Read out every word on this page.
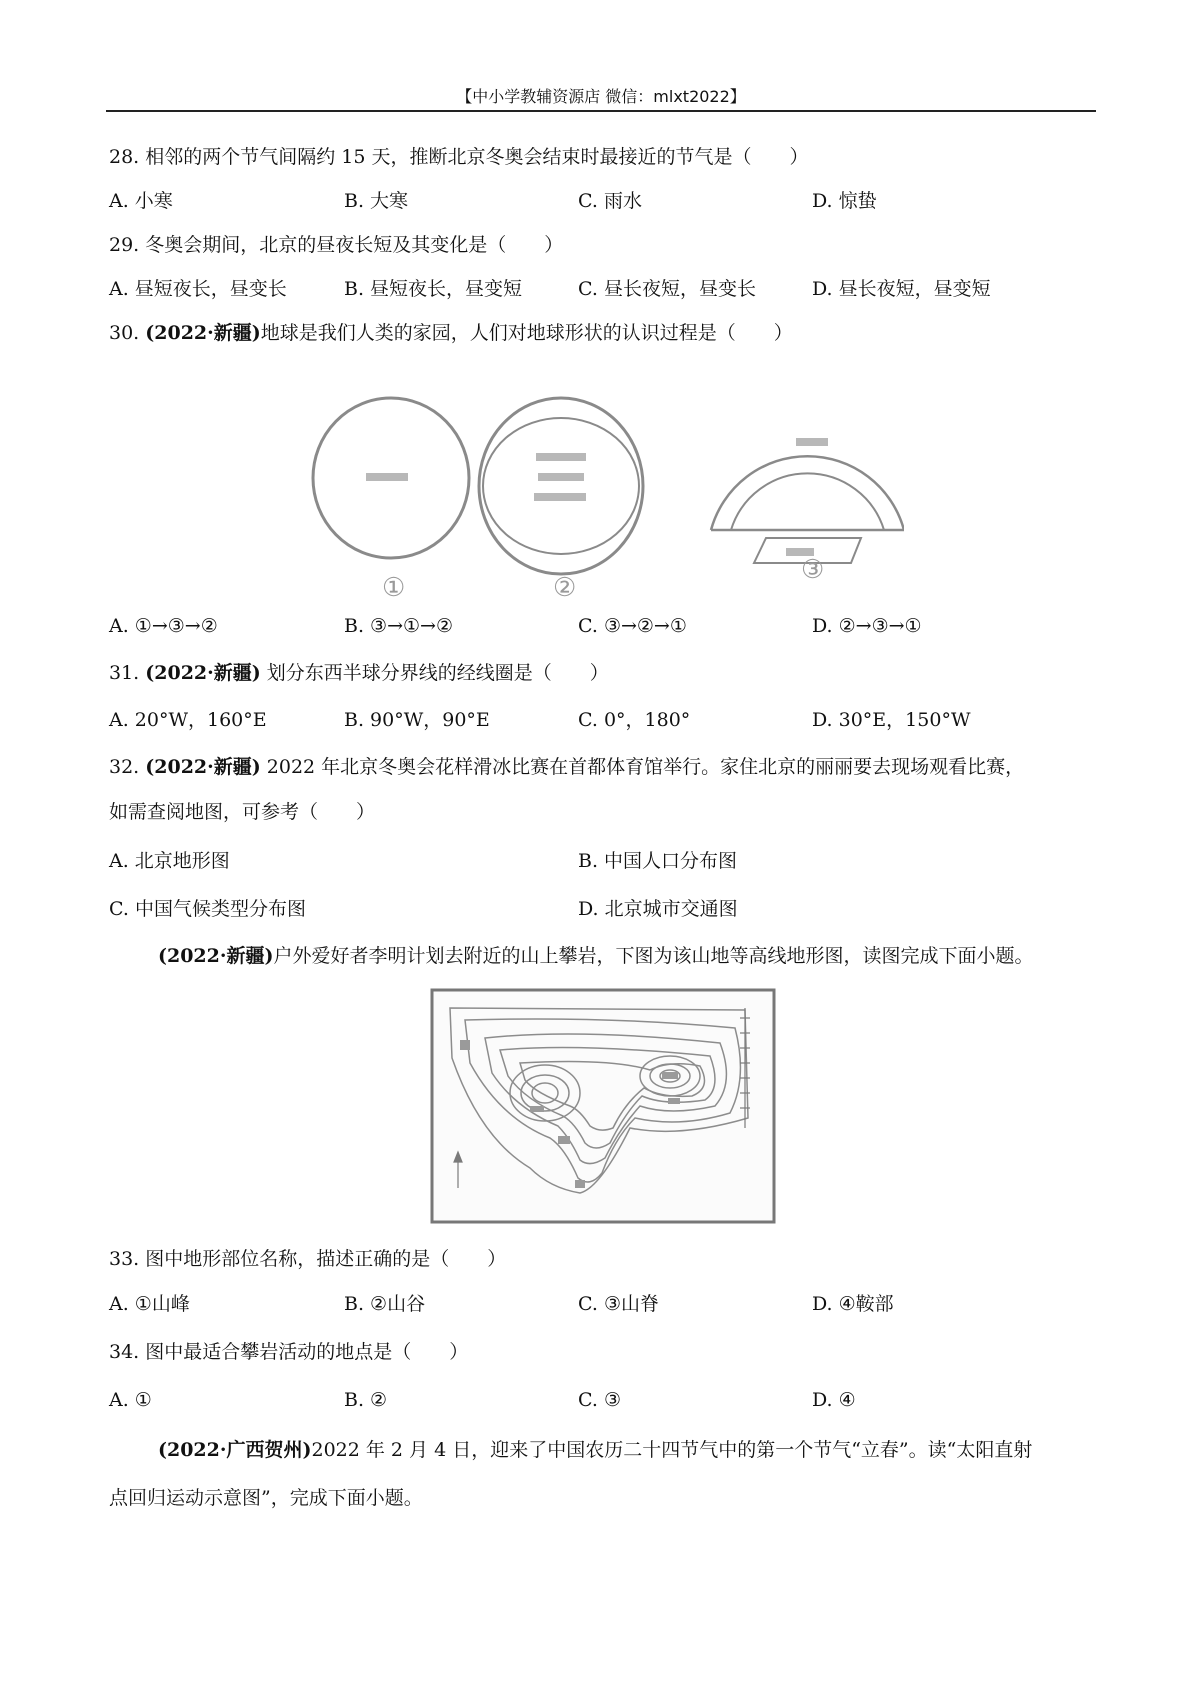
【中小学教辅资源店 微信：mlxt2022】
28. 相邻的两个节气间隔约 15 天，推断北京冬奥会结束时最接近的节气是（　　）
A. 小寒	B. 大寒	C. 雨水	D. 惊蛰
29. 冬奥会期间，北京的昼夜长短及其变化是（　　）
A. 昼短夜长，昼变长	B. 昼短夜长，昼变短	C. 昼长夜短，昼变长	D. 昼长夜短，昼变短
30. (2022·新疆)地球是我们人类的家园，人们对地球形状的认识过程是（　　）
①	②
③
A. ①→③→②	B. ③→①→②	C. ③→②→①	D. ②→③→①
31. (2022·新疆) 划分东西半球分界线的经线圈是（　　）
A. 20°W，160°E	B. 90°W，90°E	C. 0°，180°	D. 30°E，150°W
32. (2022·新疆) 2022 年北京冬奥会花样滑冰比赛在首都体育馆举行。家住北京的丽丽要去现场观看比赛，
如需查阅地图，可参考（　　）
A. 北京地形图	B. 中国人口分布图
C. 中国气候类型分布图	D. 北京城市交通图
(2022·新疆)户外爱好者李明计划去附近的山上攀岩，下图为该山地等高线地形图，读图完成下面小题。
33. 图中地形部位名称，描述正确的是（　　）
A. ①山峰	B. ②山谷	C. ③山脊	D. ④鞍部
34. 图中最适合攀岩活动的地点是（　　）
A. ①	B. ②	C. ③	D. ④
(2022·广西贺州)2022 年 2 月 4 日，迎来了中国农历二十四节气中的第一个节气“立春”。读“太阳直射
点回归运动示意图”，完成下面小题。
